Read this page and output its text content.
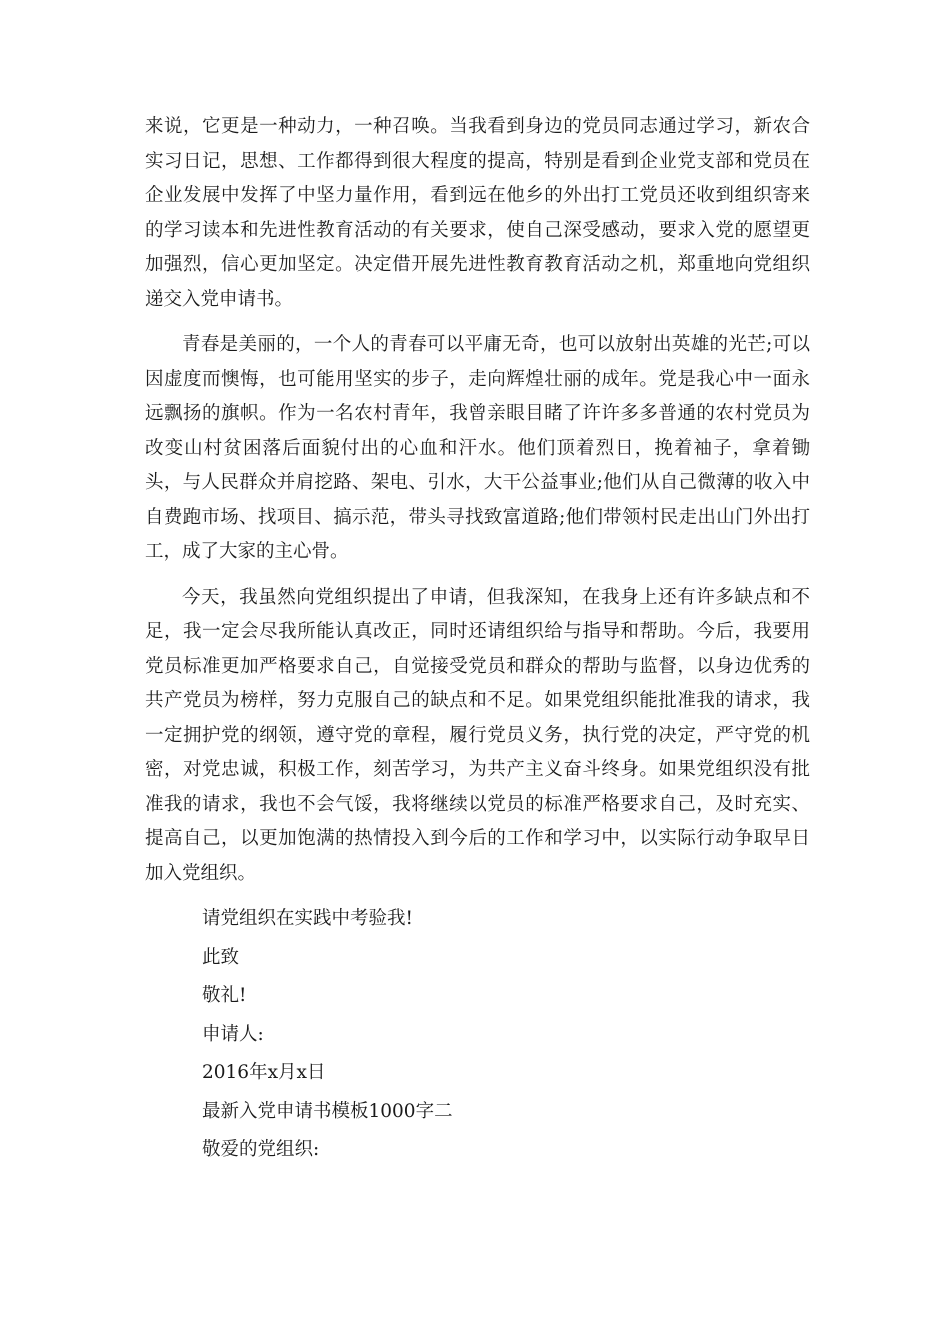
来说，它更是一种动力，一种召唤。当我看到身边的党员同志通过学习，新农合实习日记，思想、工作都得到很大程度的提高，特别是看到企业党支部和党员在企业发展中发挥了中坚力量作用，看到远在他乡的外出打工党员还收到组织寄来的学习读本和先进性教育活动的有关要求，使自己深受感动，要求入党的愿望更加强烈，信心更加坚定。决定借开展先进性教育教育活动之机，郑重地向党组织递交入党申请书。

青春是美丽的，一个人的青春可以平庸无奇，也可以放射出英雄的光芒;可以因虚度而懊悔，也可能用坚实的步子，走向辉煌壮丽的成年。党是我心中一面永远飘扬的旗帜。作为一名农村青年，我曾亲眼目睹了许许多多普通的农村党员为改变山村贫困落后面貌付出的心血和汗水。他们顶着烈日，挽着袖子，拿着锄头，与人民群众并肩挖路、架电、引水，大干公益事业;他们从自己微薄的收入中自费跑市场、找项目、搞示范，带头寻找致富道路;他们带领村民走出山门外出打工，成了大家的主心骨。

今天，我虽然向党组织提出了申请，但我深知，在我身上还有许多缺点和不足，我一定会尽我所能认真改正，同时还请组织给与指导和帮助。今后，我要用党员标准更加严格要求自己，自觉接受党员和群众的帮助与监督，以身边优秀的共产党员为榜样，努力克服自己的缺点和不足。如果党组织能批准我的请求，我一定拥护党的纲领，遵守党的章程，履行党员义务，执行党的决定，严守党的机密，对党忠诚，积极工作，刻苦学习，为共产主义奋斗终身。如果党组织没有批准我的请求，我也不会气馁，我将继续以党员的标准严格要求自己，及时充实、提高自己，以更加饱满的热情投入到今后的工作和学习中，以实际行动争取早日加入党组织。

请党组织在实践中考验我!
此致
敬礼!
申请人:
2016年x月x日
最新入党申请书模板1000字二
敬爱的党组织:
